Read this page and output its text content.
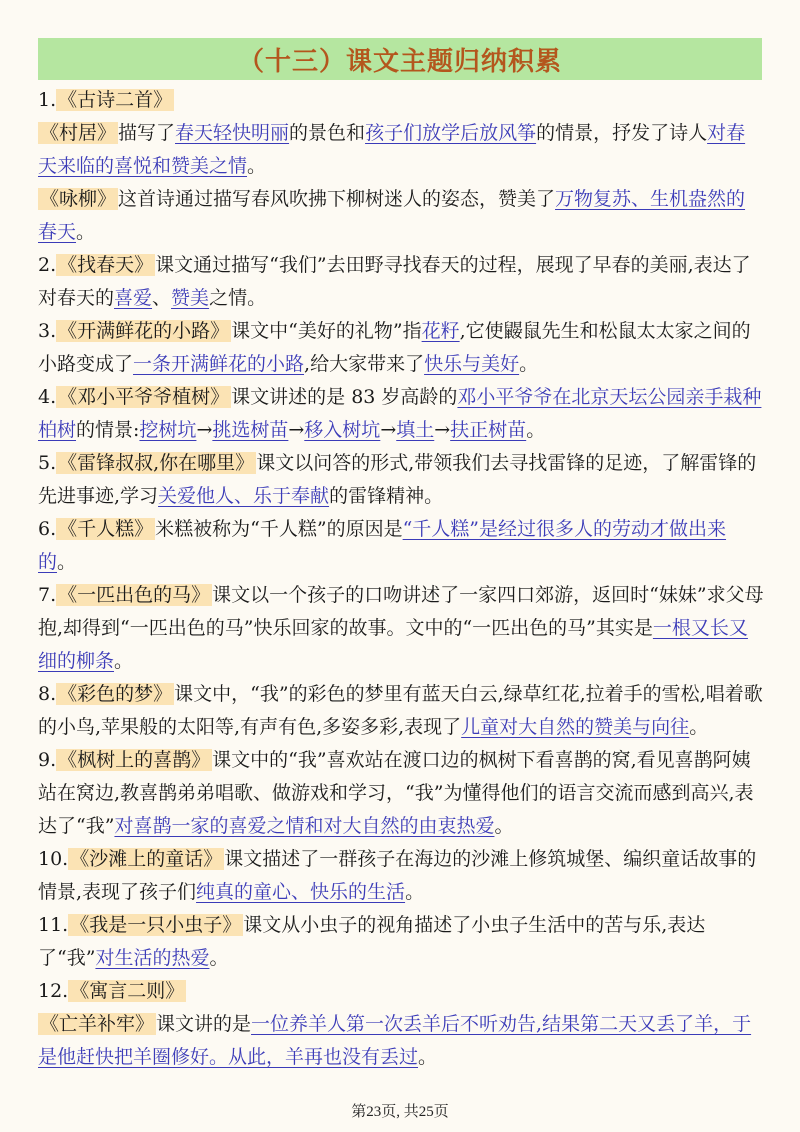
（十三）课文主题归纳积累

1. 《古诗二首》

《村居》 描写了春天轻快明丽的景色和孩子们放学后放风筝的情景，抒发了诗人对春天来临的喜悦和赞美之情。

《咏柳》 这首诗通过描写春风吹拂下柳树迷人的姿态，赞美了万物复苏、生机盎然的春天。

2. 《找春天》 课文通过描写“我们”去田野寻找春天的过程，展现了早春的美丽,表达了对春天的喜爱、赞美之情。

3. 《开满鲜花的小路》 课文中“美好的礼物”指花籽,它使鼹鼠先生和松鼠太太家之间的小路变成了一条开满鲜花的小路,给大家带来了快乐与美好。

4. 《邓小平爷爷植树》 课文讲述的是 83 岁高龄的邓小平爷爷在北京天坛公园亲手栽种柏树的情景:挖树坑→挑选树苗→移入树坑→填土→扶正树苗。

5. 《雷锋叔叔,你在哪里》 课文以问答的形式,带领我们去寻找雷锋的足迹，了解雷锋的先进事迹,学习关爱他人、乐于奉献的雷锋精神。

6. 《千人糕》 米糕被称为“千人糕”的原因是“千人糕”是经过很多人的劳动才做出来的。

7. 《一匹出色的马》 课文以一个孩子的口吻讲述了一家四口郊游，返回时“妹妹”求父母抱,却得到“一匹出色的马”快乐回家的故事。文中的“一匹出色的马”其实是一根又长又细的柳条。

8. 《彩色的梦》 课文中，“我”的彩色的梦里有蓝天白云,绿草红花,拉着手的雪松,唱着歌的小鸟,苹果般的太阳等,有声有色,多姿多彩,表现了儿童对大自然的赞美与向往。

9. 《枫树上的喜鹊》 课文中的“我”喜欢站在渡口边的枫树下看喜鹊的窝,看见喜鹊阿姨站在窝边,教喜鹊弟弟唱歌、做游戏和学习，“我”为懂得他们的语言交流而感到高兴,表达了“我”对喜鹊一家的喜爱之情和对大自然的由衷热爱。

10. 《沙滩上的童话》 课文描述了一群孩子在海边的沙滩上修筑城堡、编织童话故事的情景,表现了孩子们纯真的童心、快乐的生活。

11. 《我是一只小虫子》 课文从小虫子的视角描述了小虫子生活中的苦与乐,表达了“我”对生活的热爱。

12. 《寓言二则》

《亡羊补牢》 课文讲的是一位养羊人第一次丢羊后不听劝告,结果第二天又丢了羊，于是他赶快把羊圈修好。从此，羊再也没有丢过。

第23页, 共25页
